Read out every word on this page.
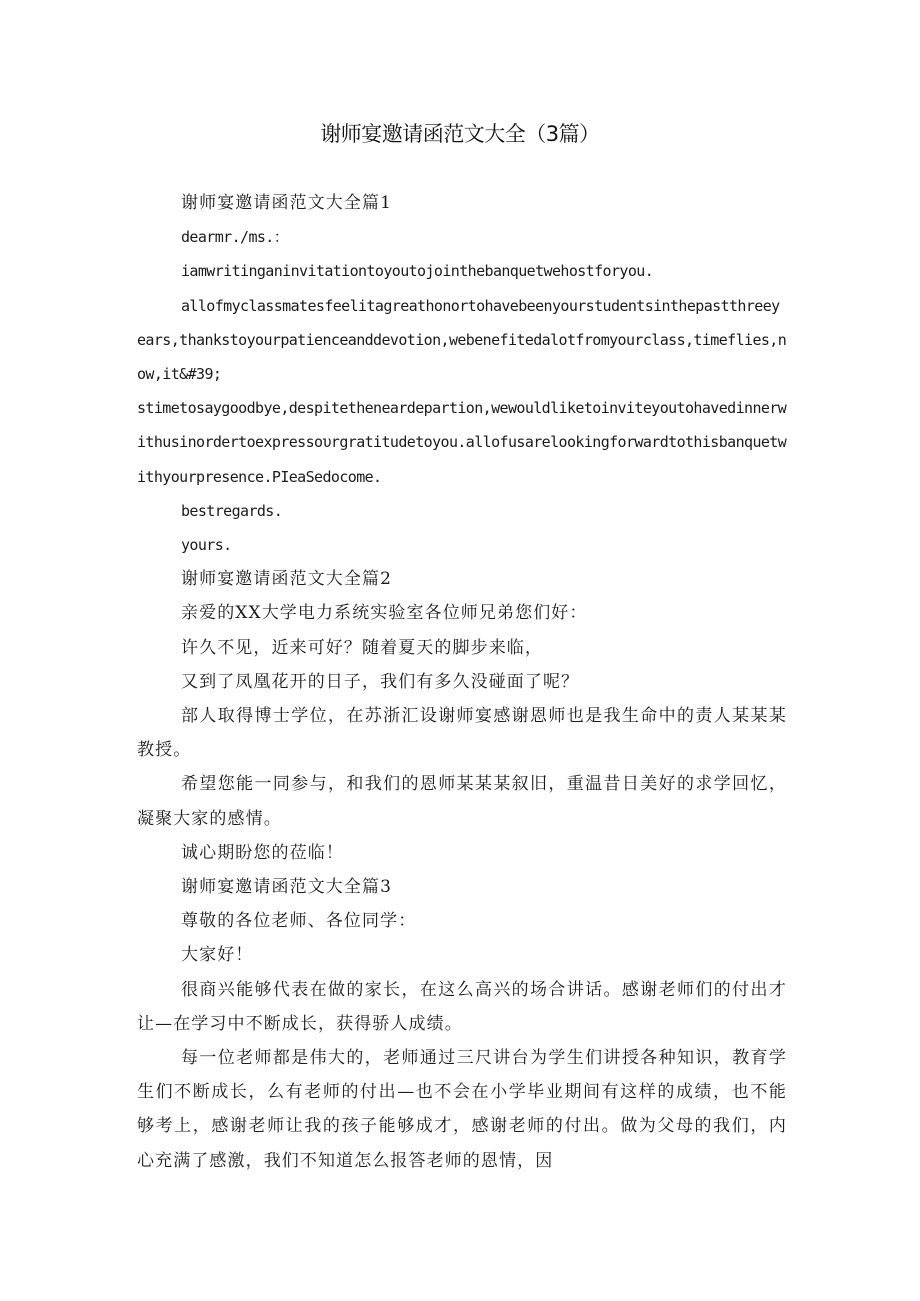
谢师宴邀请函范文大全（3篇）

谢师宴邀请函范文大全篇1

dearmr./ms.：

iamwritinganinvitationtoyoutojointhebanquetwehostforyou.

allofmyclassmatesfeelitagreathonortohavebeenyourstudentsinthepastthreeyears,thankstoyourpatienceanddevotion,webenefitedalotfromyourclass,timeflies,now,it&#39;

stimetosaygoodbye,despitetheneardepartion,wewouldliketoinviteyoutohavedinnerwithusinordertoexpressoυrgratitudetoyou.allofusarelookingforwardtothisbanquetwithyourpresence.PIeaSedocome.

bestregards.

yours.

谢师宴邀请函范文大全篇2

亲爱的XX大学电力系统实验室各位师兄弟您们好：

许久不见，近来可好？随着夏天的脚步来临，

又到了凤凰花开的日子，我们有多久没碰面了呢？

部人取得博士学位，在苏浙汇设谢师宴感谢恩师也是我生命中的责人某某某教授。

希望您能一同参与，和我们的恩师某某某叙旧，重温昔日美好的求学回忆，凝聚大家的感情。

诚心期盼您的莅临！

谢师宴邀请函范文大全篇3

尊敬的各位老师、各位同学：

大家好！

很商兴能够代表在做的家长，在这么高兴的场合讲话。感谢老师们的付出才让—在学习中不断成长，获得骄人成绩。

每一位老师都是伟大的，老师通过三尺讲台为学生们讲授各种知识，教育学生们不断成长，么有老师的付出—也不会在小学毕业期间有这样的成绩，也不能够考上，感谢老师让我的孩子能够成才，感谢老师的付出。做为父母的我们，内心充满了感激，我们不知道怎么报答老师的恩情，因
